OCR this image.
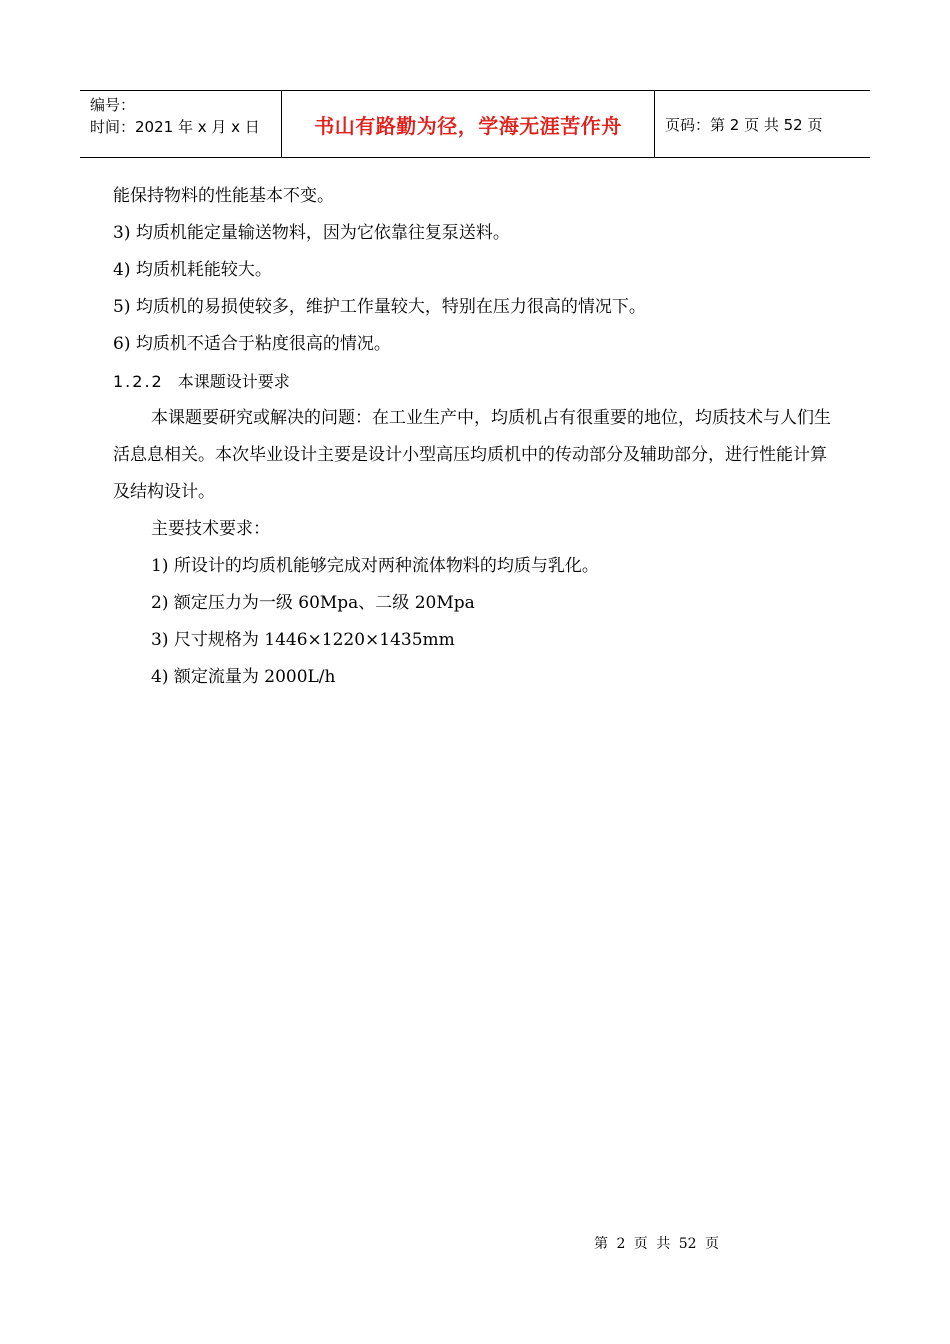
编号：
时间：2021 年 x 月 x 日	书山有路勤为径，学海无涯苦作舟	页码：第 2 页 共 52 页

能保持物料的性能基本不变。

3) 均质机能定量输送物料，因为它依靠往复泵送料。

4) 均质机耗能较大。

5) 均质机的易损使较多，维护工作量较大，特别在压力很高的情况下。

6) 均质机不适合于粘度很高的情况。

1.2.2 本课题设计要求

本课题要研究或解决的问题：在工业生产中，均质机占有很重要的地位，均质技术与人们生活息息相关。本次毕业设计主要是设计小型高压均质机中的传动部分及辅助部分，进行性能计算及结构设计。

主要技术要求：

1) 所设计的均质机能够完成对两种流体物料的均质与乳化。

2) 额定压力为一级 60Mpa、二级 20Mpa

3) 尺寸规格为 1446×1220×1435mm

4) 额定流量为 2000L/h

第 2 页 共 52 页
